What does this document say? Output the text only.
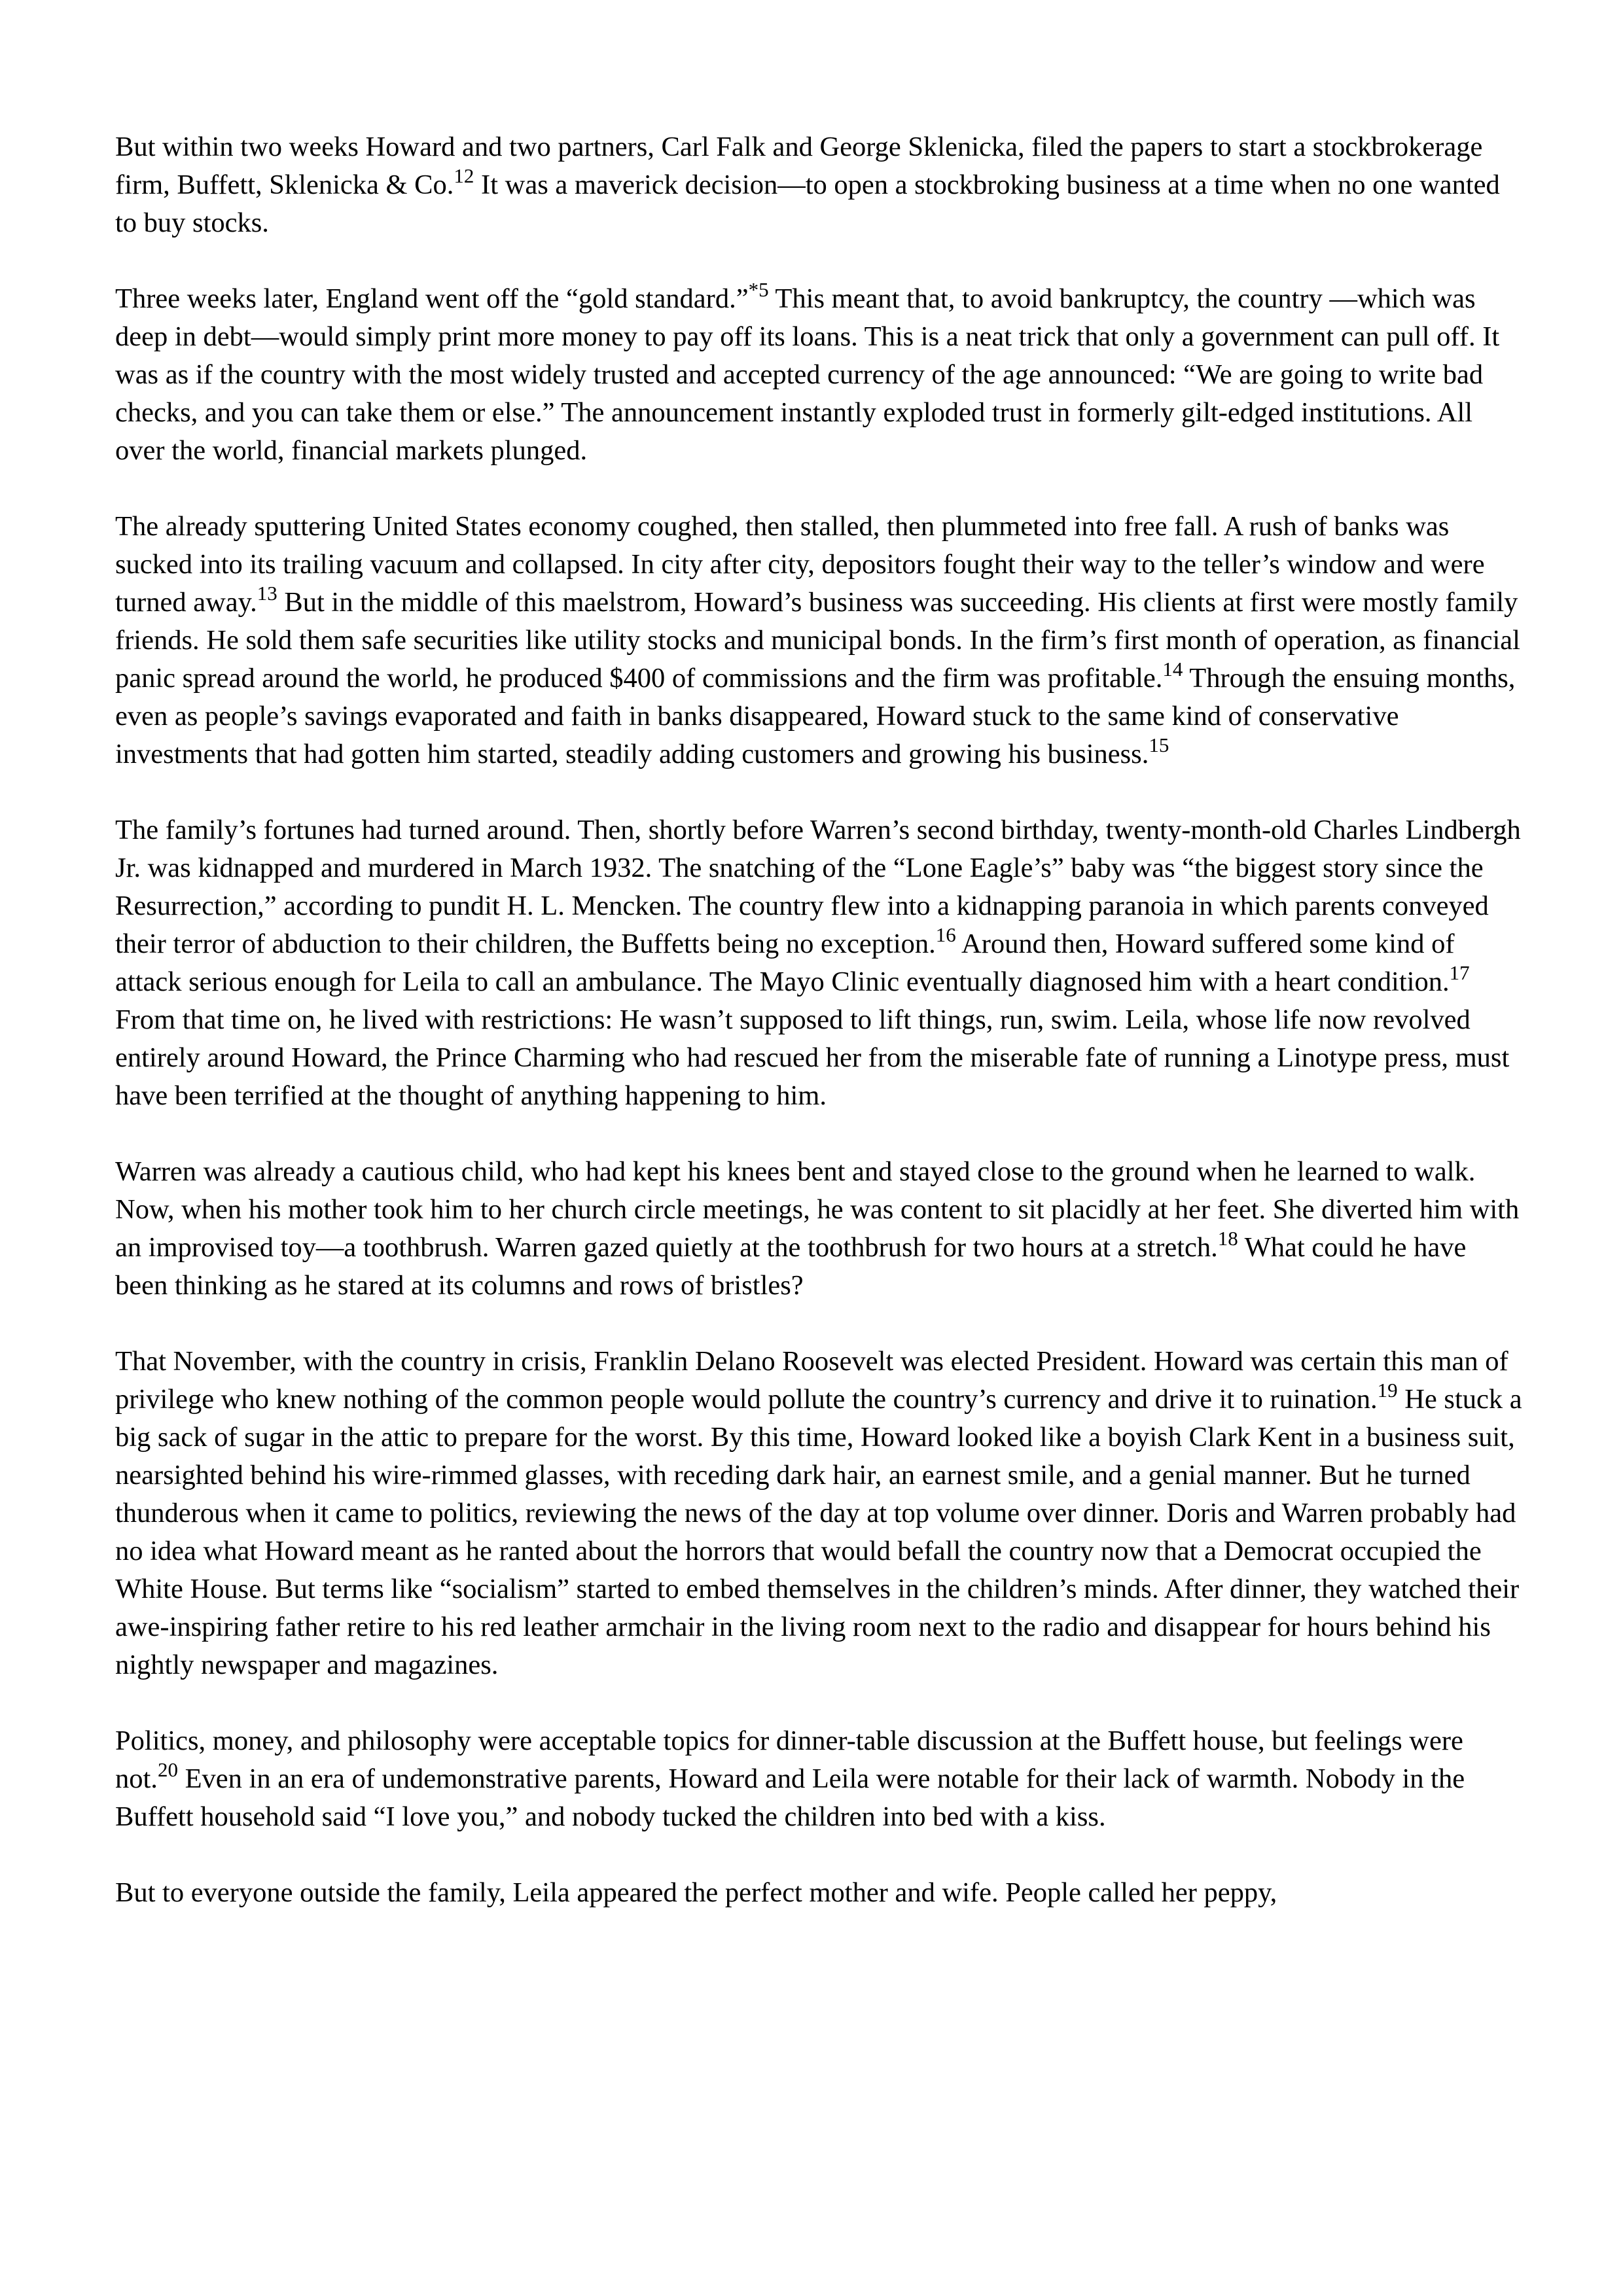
But within two weeks Howard and two partners, Carl Falk and George Sklenicka, filed the papers to start a stockbrokerage firm, Buffett, Sklenicka & Co.$^{12}$ It was a maverick decision—to open a stockbroking business at a time when no one wanted to buy stocks.

Three weeks later, England went off the “gold standard.”$^{*5}$ This meant that, to avoid bankruptcy, the country —which was deep in debt—would simply print more money to pay off its loans. This is a neat trick that only a government can pull off. It was as if the country with the most widely trusted and accepted currency of the age announced: “We are going to write bad checks, and you can take them or else.” The announcement instantly exploded trust in formerly gilt-edged institutions. All over the world, financial markets plunged.

The already sputtering United States economy coughed, then stalled, then plummeted into free fall. A rush of banks was sucked into its trailing vacuum and collapsed. In city after city, depositors fought their way to the teller’s window and were turned away.$^{13}$ But in the middle of this maelstrom, Howard’s business was succeeding. His clients at first were mostly family friends. He sold them safe securities like utility stocks and municipal bonds. In the firm’s first month of operation, as financial panic spread around the world, he produced $400 of commissions and the firm was profitable.$^{14}$ Through the ensuing months, even as people’s savings evaporated and faith in banks disappeared, Howard stuck to the same kind of conservative investments that had gotten him started, steadily adding customers and growing his business.$^{15}$

The family’s fortunes had turned around. Then, shortly before Warren’s second birthday, twenty-month-old Charles Lindbergh Jr. was kidnapped and murdered in March 1932. The snatching of the “Lone Eagle’s” baby was “the biggest story since the Resurrection,” according to pundit H. L. Mencken. The country flew into a kidnapping paranoia in which parents conveyed their terror of abduction to their children, the Buffetts being no exception.$^{16}$ Around then, Howard suffered some kind of attack serious enough for Leila to call an ambulance. The Mayo Clinic eventually diagnosed him with a heart condition.$^{17}$ From that time on, he lived with restrictions: He wasn’t supposed to lift things, run, swim. Leila, whose life now revolved entirely around Howard, the Prince Charming who had rescued her from the miserable fate of running a Linotype press, must have been terrified at the thought of anything happening to him.

Warren was already a cautious child, who had kept his knees bent and stayed close to the ground when he learned to walk. Now, when his mother took him to her church circle meetings, he was content to sit placidly at her feet. She diverted him with an improvised toy—a toothbrush. Warren gazed quietly at the toothbrush for two hours at a stretch.$^{18}$ What could he have been thinking as he stared at its columns and rows of bristles?

That November, with the country in crisis, Franklin Delano Roosevelt was elected President. Howard was certain this man of privilege who knew nothing of the common people would pollute the country’s currency and drive it to ruination.$^{19}$ He stuck a big sack of sugar in the attic to prepare for the worst. By this time, Howard looked like a boyish Clark Kent in a business suit, nearsighted behind his wire-rimmed glasses, with receding dark hair, an earnest smile, and a genial manner. But he turned thunderous when it came to politics, reviewing the news of the day at top volume over dinner. Doris and Warren probably had no idea what Howard meant as he ranted about the horrors that would befall the country now that a Democrat occupied the White House. But terms like “socialism” started to embed themselves in the children’s minds. After dinner, they watched their awe-inspiring father retire to his red leather armchair in the living room next to the radio and disappear for hours behind his nightly newspaper and magazines.

Politics, money, and philosophy were acceptable topics for dinner-table discussion at the Buffett house, but feelings were not.$^{20}$ Even in an era of undemonstrative parents, Howard and Leila were notable for their lack of warmth. Nobody in the Buffett household said “I love you,” and nobody tucked the children into bed with a kiss.

But to everyone outside the family, Leila appeared the perfect mother and wife. People called her peppy,
